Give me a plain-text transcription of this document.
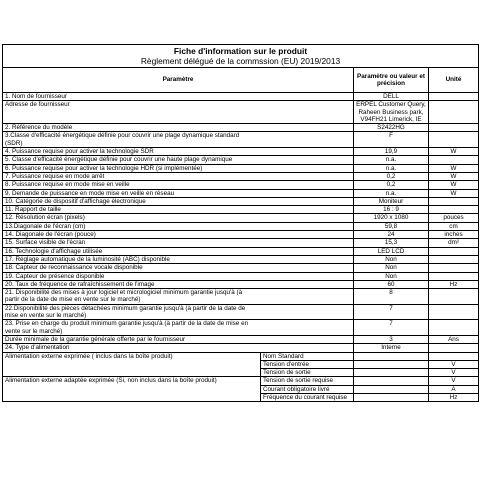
Fiche d'information sur le produit
Règlement délégué de la commssion (EU) 2019/2013			

Paramètre		Paramètre ou valeur et
précision	Unité
1. Nom de fournisseur		DELL	
Adresse de fournisseur		ERPEL Customer Query,
Raheen Business park,
V94FH21 Limerick, IE	

2. Référence du modèle		S2422HG	

3.Classe d'efficacité énergétique définie pour couvrir une plage dynamique standard
(SDR)		F	
4. Puissance requise pour activer la technologie SDR		19,9	W
5. Classe d'efficacité énergétique définie pour couvrir une haute plage dynamique		n.a.	
6. Puissance requise pour activer la technologie HDR (si implémentée)		n.a.	W
7. Puissance requise en mode arrêt		0,2	W
8. Puissance requise en mode mise en veille		0,2	W
9. Demande de puissance en mode mise en veille en réseau		n.a.	W
10. Catégorie de dispositif d'affichage électronique		Moniteur	
11. Rapport de taille		16 : 9	
12. Résolution écran (pixels)		1920 x 1080	pouces
13.Diagonale de l'écran (cm)		59,8	cm
14. Diagonale de l'écran (pouce)		24	inches
15. Surface visible de l'écran		15,3	dm²
16. Technologie d'affichage utilisée		LED LCD	
17. Réglage automatique de la luminosité (ABC) disponible		Non	
18. Capteur de reconnaissance vocale disponible		Non	
19. Capteur de présence disponible		Non	
20. Taux de fréquence de rafraîchissement de l'image		60	Hz

21. Disponibilité des mises à jour logiciel et micrologiciel minimum garantie jusqu'à (à
partir de la date de mise en vente sur le marché)		8	

22.Disponibilité des pièces détachées minimum garantie jusqu'à (à partir de la date de
mise en vente sur le marché)		7	

23. Prise en charge du produit minimum garantie jusqu'à (à partir de la date de mise en
vente sur le marché)		7	
Durée minimale de la garantie générale offerte par le fournisseur		3	Ans
24. Type d'alimentation		Interne	
Alimentation externe exprimée ( inclus dans la boîte produit)	Nom Standard		
	Tension d'entrée		V
	Tension de sortie		V
Alimentation externe adaptée exprimée (Si, non inclus dans la boîte produit)	Tension de sortie requise		V
	Courant obligatoire livré		A
	Fréquence du courant requise		Hz
